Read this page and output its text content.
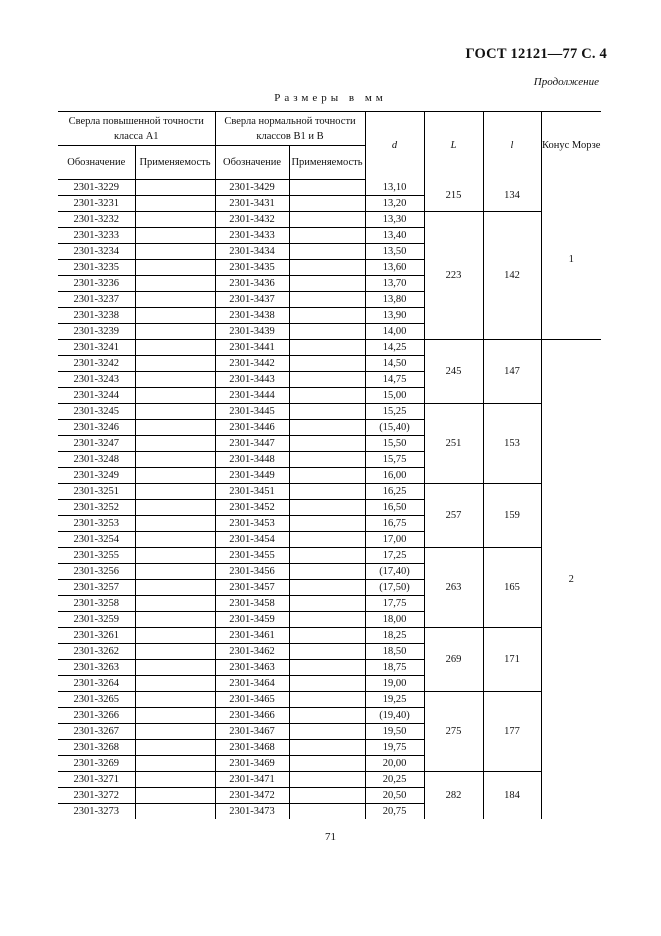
ГОСТ 12121—77 С. 4
Продолжение
Размеры в мм
Сверла повышенной точности класса А1		Сверла нормальной точности классов В1 и В		d	L	l	Конус Морзе
Обозначение	Применяемость	Обозначение	Применяемость				
2301-3229		2301-3429		13,10	215	134	1
2301-3231		2301-3431		13,20			
2301-3232		2301-3432		13,30	223	142	
2301-3233		2301-3433		13,40			
2301-3234		2301-3434		13,50			
2301-3235		2301-3435		13,60			
2301-3236		2301-3436		13,70			
2301-3237		2301-3437		13,80			
2301-3238		2301-3438		13,90			
2301-3239		2301-3439		14,00			
2301-3241		2301-3441		14,25	245	147	2
2301-3242		2301-3442		14,50			
2301-3243		2301-3443		14,75			
2301-3244		2301-3444		15,00			
2301-3245		2301-3445		15,25	251	153	
2301-3246		2301-3446		(15,40)			
2301-3247		2301-3447		15,50			
2301-3248		2301-3448		15,75			
2301-3249		2301-3449		16,00			
2301-3251		2301-3451		16,25	257	159	
2301-3252		2301-3452		16,50			
2301-3253		2301-3453		16,75			
2301-3254		2301-3454		17,00			
2301-3255		2301-3455		17,25	263	165	
2301-3256		2301-3456		(17,40)			
2301-3257		2301-3457		(17,50)			
2301-3258		2301-3458		17,75			
2301-3259		2301-3459		18,00			
2301-3261		2301-3461		18,25	269	171	
2301-3262		2301-3462		18,50			
2301-3263		2301-3463		18,75			
2301-3264		2301-3464		19,00			
2301-3265		2301-3465		19,25	275	177	
2301-3266		2301-3466		(19,40)			
2301-3267		2301-3467		19,50			
2301-3268		2301-3468		19,75			
2301-3269		2301-3469		20,00			
2301-3271		2301-3471		20,25	282	184	
2301-3272		2301-3472		20,50			
2301-3273		2301-3473		20,75			
71
